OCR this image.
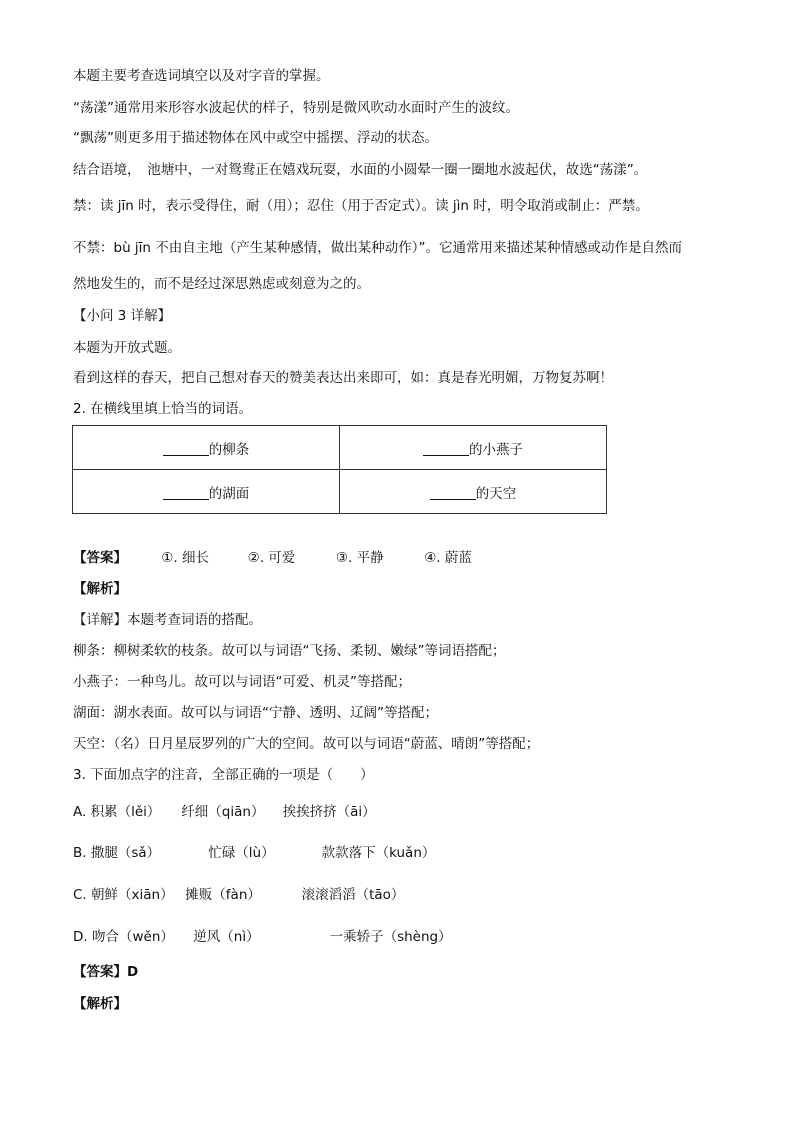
本题主要考查选词填空以及对字音的掌握。
“荡漾”通常用来形容水波起伏的样子，特别是微风吹动水面时产生的波纹。
“飘荡”则更多用于描述物体在风中或空中摇摆、浮动的状态。
结合语境，　池塘中，一对鸳鸯正在嬉戏玩耍，水面的小圆晕一圈一圈地水波起伏，故选“荡漾”。
禁：读 jīn 时，表示受得住，耐（用）；忍住（用于否定式）。读 jìn 时，明令取消或制止：严禁。
不禁：bù jīn 不由自主地（产生某种感情，做出某种动作）”。它通常用来描述某种情感或动作是自然而
然地发生的，而不是经过深思熟虑或刻意为之的。
【小问 3 详解】
本题为开放式题。
看到这样的春天，把自己想对春天的赞美表达出来即可，如：真是春光明媚，万物复苏啊！
2. 在横线里填上恰当的词语。
的柳条	的小燕子
的湖面	的天空
【答案】	①. 细长	②. 可爱	③. 平静	④. 蔚蓝
【解析】
【详解】本题考查词语的搭配。
柳条：柳树柔软的枝条。故可以与词语“飞扬、柔韧、嫩绿”等词语搭配；
小燕子：一种鸟儿。故可以与词语“可爱、机灵”等搭配；
湖面：湖水表面。故可以与词语“宁静、透明、辽阔”等搭配；
天空：（名）日月星辰罗列的广大的空间。故可以与词语“蔚蓝、晴朗”等搭配；
3. 下面加点字的注音，全部正确的一项是（　　）
A. 积累（lěi） 纤细（qiān） 挨挨挤挤（āi）
B. 撒腿（sǎ）	忙碌（lù）	款款落下（kuǎn）
C. 朝鲜（xiān） 摊贩（fàn）	滚滚滔滔（tāo）
D. 吻合（wěn） 逆风（nì）	一乘轿子（shèng）
【答案】D
【解析】
